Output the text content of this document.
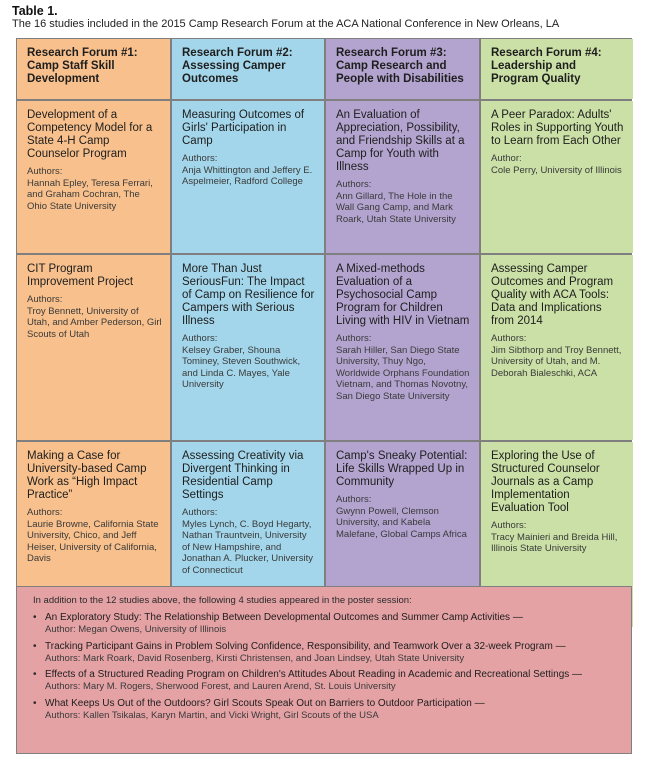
Table 1.
The 16 studies included in the 2015 Camp Research Forum at the ACA National Conference in New Orleans, LA
Research Forum #1: Camp Staff Skill Development
Research Forum #2: Assessing Camper Outcomes
Research Forum #3: Camp Research and People with Disabilities
Research Forum #4: Leadership and Program Quality
Development of a Competency Model for a State 4-H Camp Counselor Program
Authors:
Hannah Epley, Teresa Ferrari, and Graham Cochran, The Ohio State University
Measuring Outcomes of Girls' Participation in Camp
Authors:
Anja Whittington and Jeffery E. Aspelmeier, Radford College
An Evaluation of Appreciation, Possibility, and Friendship Skills at a Camp for Youth with Illness
Authors:
Ann Gillard, The Hole in the Wall Gang Camp, and Mark Roark, Utah State University
A Peer Paradox: Adults' Roles in Supporting Youth to Learn from Each Other
Author:
Cole Perry, University of Illinois
CIT Program Improvement Project
Authors:
Troy Bennett, University of Utah, and Amber Pederson, Girl Scouts of Utah
More Than Just SeriousFun: The Impact of Camp on Resilience for Campers with Serious Illness
Authors:
Kelsey Graber, Shouna Tominey, Steven Southwick, and Linda C. Mayes, Yale University
A Mixed-methods Evaluation of a Psychosocial Camp Program for Children Living with HIV in Vietnam
Authors:
Sarah Hiller, San Diego State University, Thuy Ngo, Worldwide Orphans Foundation Vietnam, and Thomas Novotny, San Diego State University
Assessing Camper Outcomes and Program Quality with ACA Tools: Data and Implications from 2014
Authors:
Jim Sibthorp and Troy Bennett, University of Utah, and M. Deborah Bialeschki, ACA
Making a Case for University-based Camp Work as “High Impact Practice”
Authors:
Laurie Browne, California State University, Chico, and Jeff Heiser, University of California, Davis
Assessing Creativity via Divergent Thinking in Residential Camp Settings
Authors:
Myles Lynch, C. Boyd Hegarty, Nathan Trauntvein, University of New Hampshire, and Jonathan A. Plucker, University of Connecticut
Camp's Sneaky Potential: Life Skills Wrapped Up in Community
Authors:
Gwynn Powell, Clemson University, and Kabela Malefane, Global Camps Africa
Exploring the Use of Structured Counselor Journals as a Camp Implementation Evaluation Tool
Authors:
Tracy Mainieri and Breida Hill, Illinois State University
In addition to the 12 studies above, the following 4 studies appeared in the poster session:
• An Exploratory Study: The Relationship Between Developmental Outcomes and Summer Camp Activities —
Author: Megan Owens, University of Illinois
• Tracking Participant Gains in Problem Solving Confidence, Responsibility, and Teamwork Over a 32-week Program —
Authors: Mark Roark, David Rosenberg, Kirsti Christensen, and Joan Lindsey, Utah State University
• Effects of a Structured Reading Program on Children's Attitudes About Reading in Academic and Recreational Settings —
Authors: Mary M. Rogers, Sherwood Forest, and Lauren Arend, St. Louis University
• What Keeps Us Out of the Outdoors? Girl Scouts Speak Out on Barriers to Outdoor Participation —
Authors: Kallen Tsikalas, Karyn Martin, and Vicki Wright, Girl Scouts of the USA
